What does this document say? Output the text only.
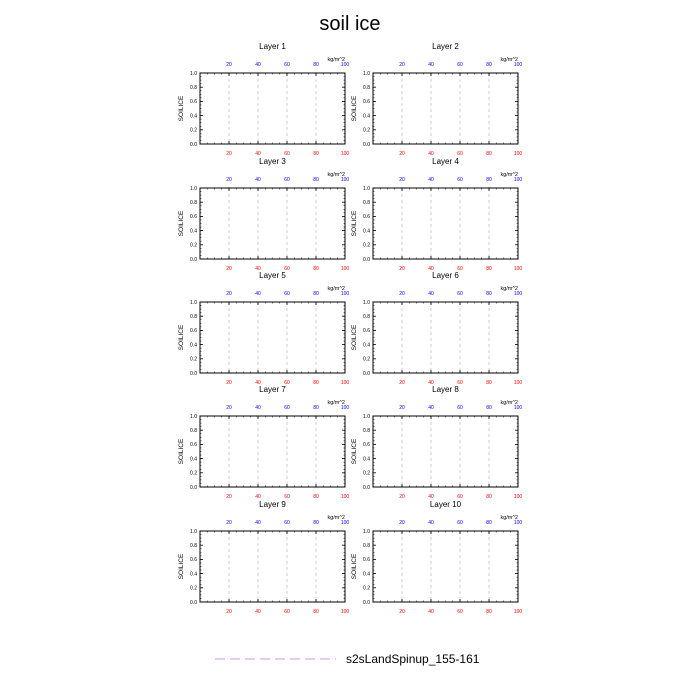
soil ice
Layer 1
20	40	60	80	100
20	40	60	80	100
kg/m^2
0.0
0.2
0.4
0.6
0.8
1.0
SOILICE
Layer 2
20	40	60	80	100
20	40	60	80	100
kg/m^2
0.0
0.2
0.4
0.6
0.8
1.0
SOILICE
Layer 3
20	40	60	80	100
20	40	60	80	100
kg/m^2
0.0
0.2
0.4
0.6
0.8
1.0
SOILICE
Layer 4
20	40	60	80	100
20	40	60	80	100
kg/m^2
0.0
0.2
0.4
0.6
0.8
1.0
SOILICE
Layer 5
20	40	60	80	100
20	40	60	80	100
kg/m^2
0.0
0.2
0.4
0.6
0.8
1.0
SOILICE
Layer 6
20	40	60	80	100
20	40	60	80	100
kg/m^2
0.0
0.2
0.4
0.6
0.8
1.0
SOILICE
Layer 7
20	40	60	80	100
20	40	60	80	100
kg/m^2
0.0
0.2
0.4
0.6
0.8
1.0
SOILICE
Layer 8
20	40	60	80	100
20	40	60	80	100
kg/m^2
0.0
0.2
0.4
0.6
0.8
1.0
SOILICE
Layer 9
20	40	60	80	100
20	40	60	80	100
kg/m^2
0.0
0.2
0.4
0.6
0.8
1.0
SOILICE
Layer 10
20	40	60	80	100
20	40	60	80	100
kg/m^2
0.0
0.2
0.4
0.6
0.8
1.0
SOILICE
s2sLandSpinup_155-161
